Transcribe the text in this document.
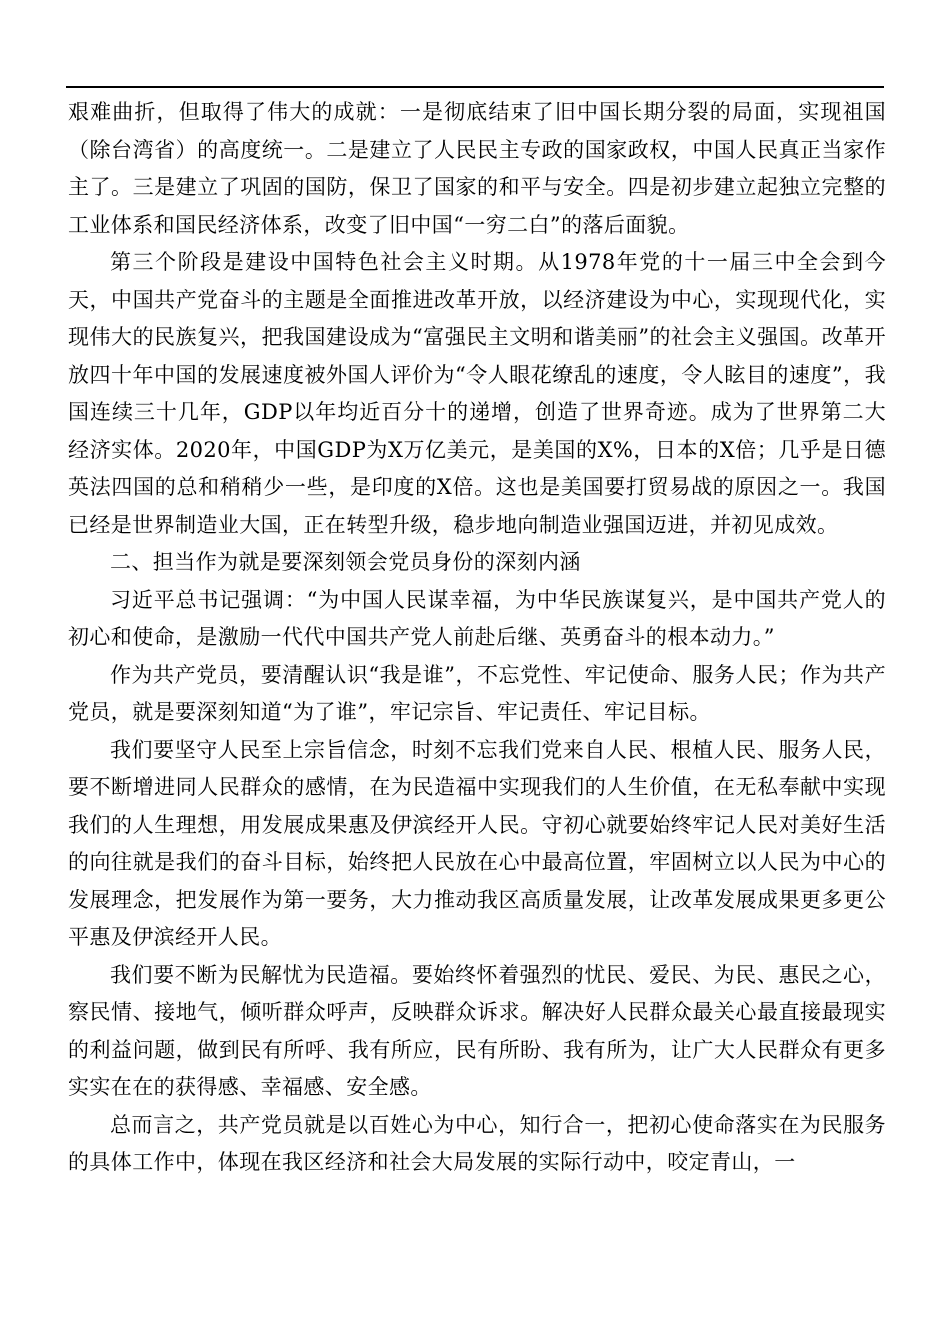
艰难曲折，但取得了伟大的成就：一是彻底结束了旧中国长期分裂的局面，实现祖国（除台湾省）的高度统一。二是建立了人民民主专政的国家政权，中国人民真正当家作主了。三是建立了巩固的国防，保卫了国家的和平与安全。四是初步建立起独立完整的工业体系和国民经济体系，改变了旧中国“一穷二白”的落后面貌。

第三个阶段是建设中国特色社会主义时期。从1978年党的十一届三中全会到今天，中国共产党奋斗的主题是全面推进改革开放，以经济建设为中心，实现现代化，实现伟大的民族复兴，把我国建设成为“富强民主文明和谐美丽”的社会主义强国。改革开放四十年中国的发展速度被外国人评价为“令人眼花缭乱的速度，令人眩目的速度”，我国连续三十几年，GDP以年均近百分十的递增，创造了世界奇迹。成为了世界第二大经济实体。2020年，中国GDP为X万亿美元，是美国的X%，日本的X倍；几乎是日德英法四国的总和稍稍少一些，是印度的X倍。这也是美国要打贸易战的原因之一。我国已经是世界制造业大国，正在转型升级，稳步地向制造业强国迈进，并初见成效。

二、担当作为就是要深刻领会党员身份的深刻内涵

习近平总书记强调：“为中国人民谋幸福，为中华民族谋复兴，是中国共产党人的初心和使命，是激励一代代中国共产党人前赴后继、英勇奋斗的根本动力。”

作为共产党员，要清醒认识“我是谁”，不忘党性、牢记使命、服务人民；作为共产党员，就是要深刻知道“为了谁”，牢记宗旨、牢记责任、牢记目标。

我们要坚守人民至上宗旨信念，时刻不忘我们党来自人民、根植人民、服务人民，要不断增进同人民群众的感情，在为民造福中实现我们的人生价值，在无私奉献中实现我们的人生理想，用发展成果惠及伊滨经开人民。守初心就要始终牢记人民对美好生活的向往就是我们的奋斗目标，始终把人民放在心中最高位置，牢固树立以人民为中心的发展理念，把发展作为第一要务，大力推动我区高质量发展，让改革发展成果更多更公平惠及伊滨经开人民。

我们要不断为民解忧为民造福。要始终怀着强烈的忧民、爱民、为民、惠民之心，察民情、接地气，倾听群众呼声，反映群众诉求。解决好人民群众最关心最直接最现实的利益问题，做到民有所呼、我有所应，民有所盼、我有所为，让广大人民群众有更多实实在在的获得感、幸福感、安全感。

总而言之，共产党员就是以百姓心为中心，知行合一，把初心使命落实在为民服务的具体工作中，体现在我区经济和社会大局发展的实际行动中，咬定青山，一
